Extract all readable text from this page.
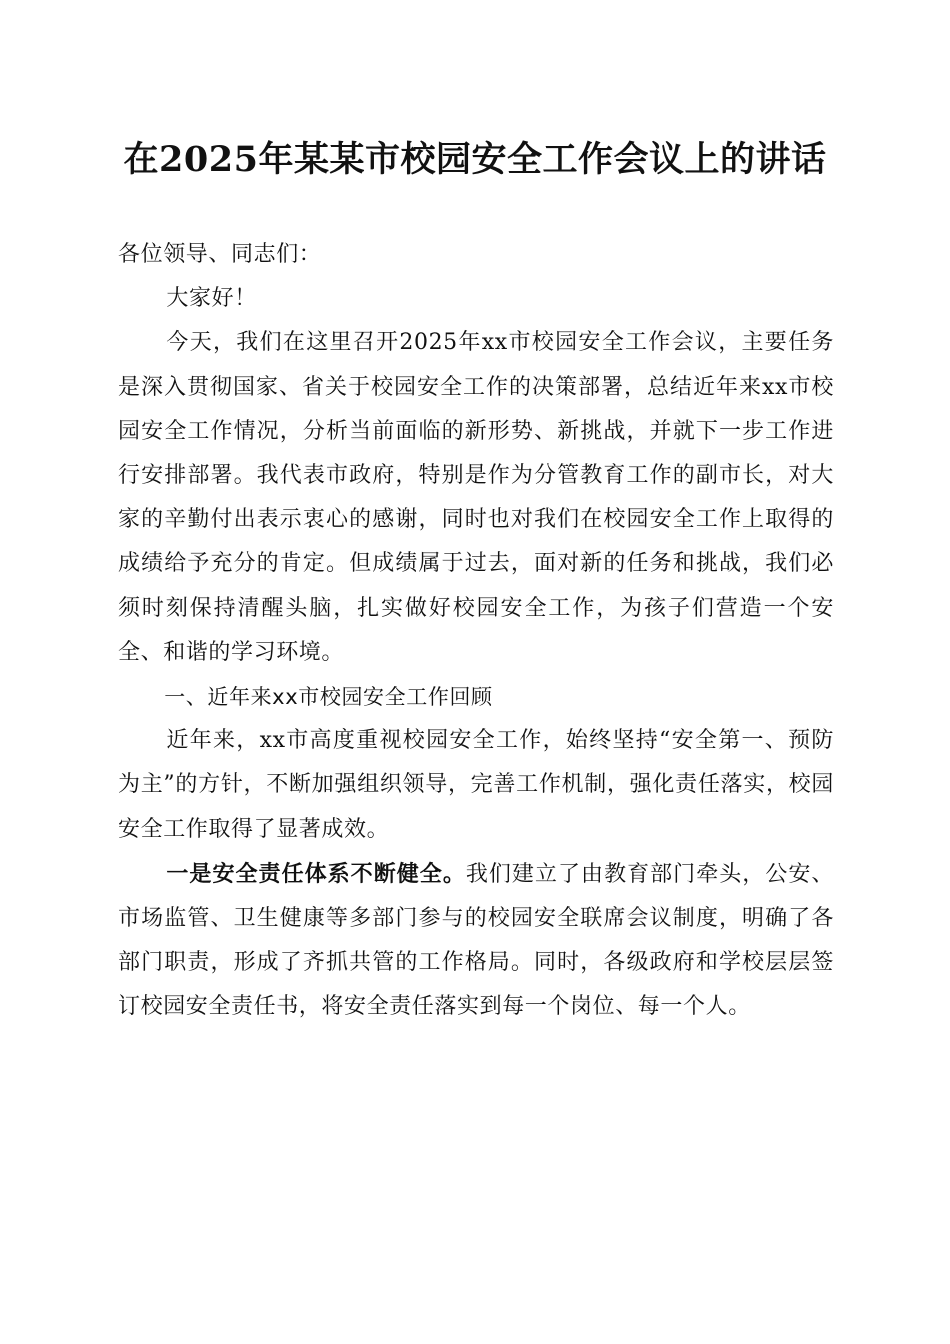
在2025年某某市校园安全工作会议上的讲话

各位领导、同志们：

大家好！

今天，我们在这里召开2025年xx市校园安全工作会议，主要任务是深入贯彻国家、省关于校园安全工作的决策部署，总结近年来xx市校园安全工作情况，分析当前面临的新形势、新挑战，并就下一步工作进行安排部署。我代表市政府，特别是作为分管教育工作的副市长，对大家的辛勤付出表示衷心的感谢，同时也对我们在校园安全工作上取得的成绩给予充分的肯定。但成绩属于过去，面对新的任务和挑战，我们必须时刻保持清醒头脑，扎实做好校园安全工作，为孩子们营造一个安全、和谐的学习环境。

一、近年来xx市校园安全工作回顾

近年来，xx市高度重视校园安全工作，始终坚持“安全第一、预防为主”的方针，不断加强组织领导，完善工作机制，强化责任落实，校园安全工作取得了显著成效。

一是安全责任体系不断健全。我们建立了由教育部门牵头，公安、市场监管、卫生健康等多部门参与的校园安全联席会议制度，明确了各部门职责，形成了齐抓共管的工作格局。同时，各级政府和学校层层签订校园安全责任书，将安全责任落实到每一个岗位、每一个人。
